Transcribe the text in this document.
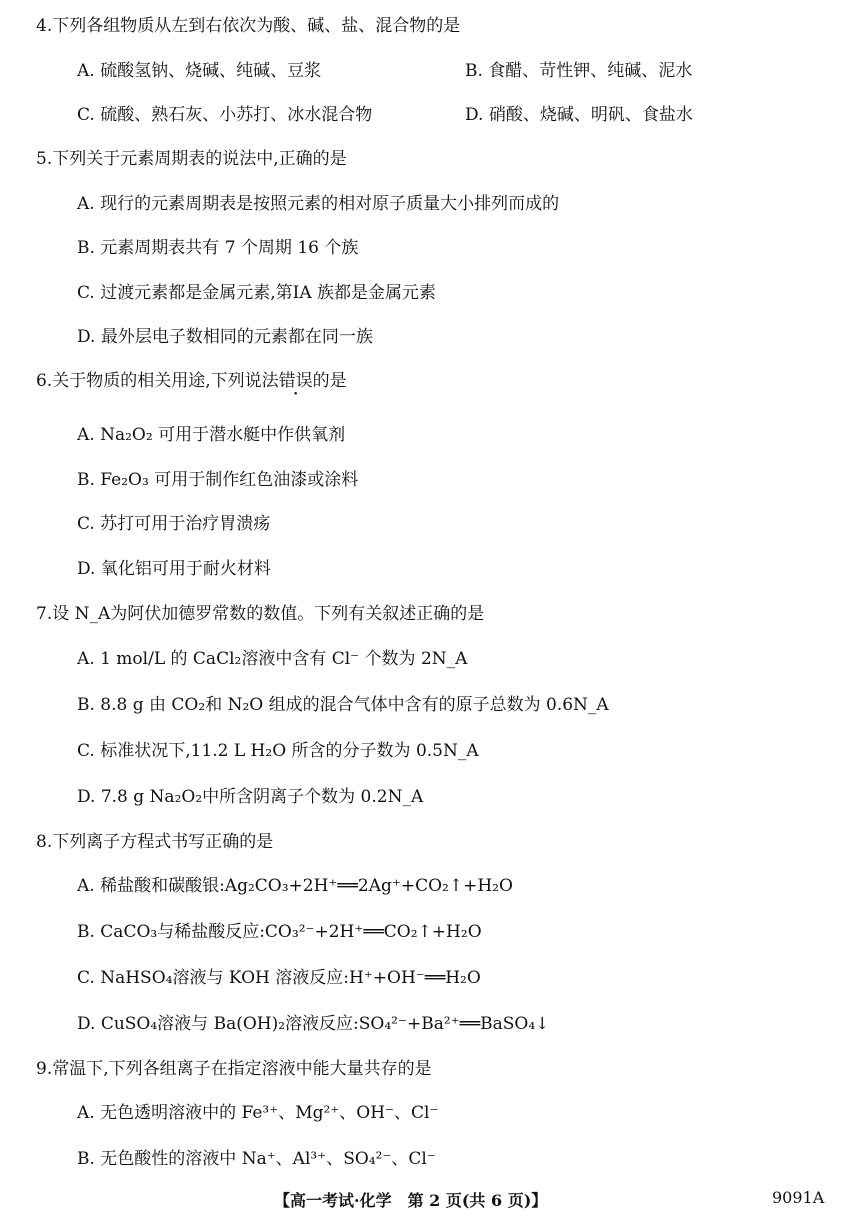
4.下列各组物质从左到右依次为酸、碱、盐、混合物的是
A. 硫酸氢钠、烧碱、纯碱、豆浆	B. 食醋、苛性钾、纯碱、泥水
C. 硫酸、熟石灰、小苏打、冰水混合物	D. 硝酸、烧碱、明矾、食盐水
5.下列关于元素周期表的说法中,正确的是
A. 现行的元素周期表是按照元素的相对原子质量大小排列而成的
B. 元素周期表共有 7 个周期 16 个族
C. 过渡元素都是金属元素,第ⅠA 族都是金属元素
D. 最外层电子数相同的元素都在同一族
6.关于物质的相关用途,下列说法错误的是
A. Na₂O₂ 可用于潜水艇中作供氧剂
B. Fe₂O₃ 可用于制作红色油漆或涂料
C. 苏打可用于治疗胃溃疡
D. 氧化铝可用于耐火材料
7.设 N_A为阿伏加德罗常数的数值。下列有关叙述正确的是
A. 1 mol/L 的 CaCl₂溶液中含有 Cl⁻ 个数为 2N_A
B. 8.8 g 由 CO₂和 N₂O 组成的混合气体中含有的原子总数为 0.6N_A
C. 标准状况下,11.2 L H₂O 所含的分子数为 0.5N_A
D. 7.8 g Na₂O₂中所含阴离子个数为 0.2N_A
8.下列离子方程式书写正确的是
A. 稀盐酸和碳酸银:Ag₂CO₃+2H⁺══2Ag⁺+CO₂↑+H₂O
B. CaCO₃与稀盐酸反应:CO₃²⁻+2H⁺══CO₂↑+H₂O
C. NaHSO₄溶液与 KOH 溶液反应:H⁺+OH⁻══H₂O
D. CuSO₄溶液与 Ba(OH)₂溶液反应:SO₄²⁻+Ba²⁺══BaSO₄↓
9.常温下,下列各组离子在指定溶液中能大量共存的是
A. 无色透明溶液中的 Fe³⁺、Mg²⁺、OH⁻、Cl⁻
B. 无色酸性的溶液中 Na⁺、Al³⁺、SO₄²⁻、Cl⁻
【高一考试·化学　第 2 页(共 6 页)】	9091A
